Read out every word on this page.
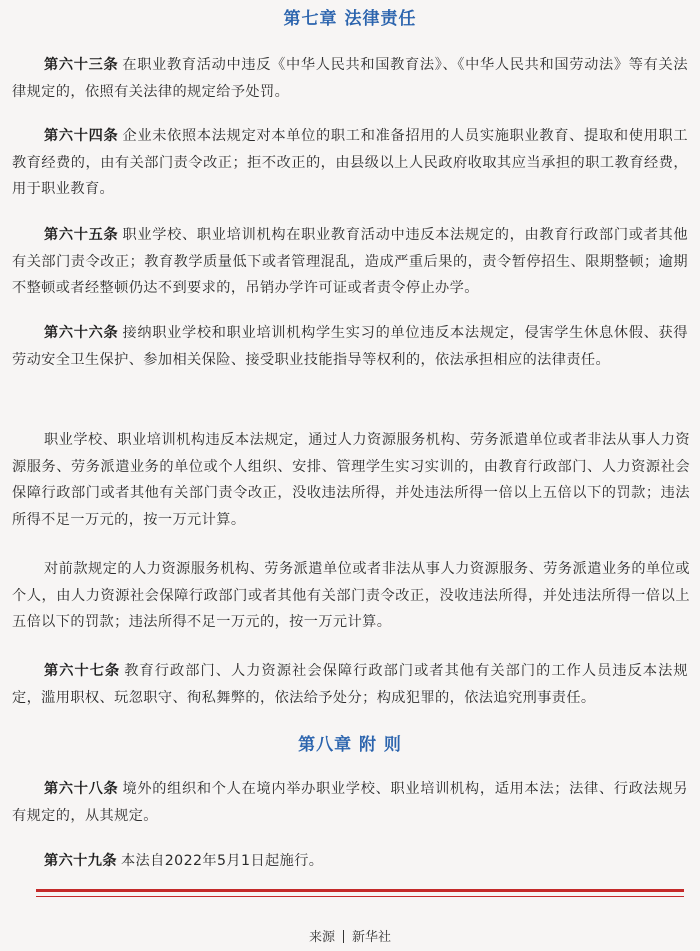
第七章 法律责任

第六十三条 在职业教育活动中违反《中华人民共和国教育法》、《中华人民共和国劳动法》等有关法律规定的，依照有关法律的规定给予处罚。

第六十四条 企业未依照本法规定对本单位的职工和准备招用的人员实施职业教育、提取和使用职工教育经费的，由有关部门责令改正；拒不改正的，由县级以上人民政府收取其应当承担的职工教育经费，用于职业教育。

第六十五条 职业学校、职业培训机构在职业教育活动中违反本法规定的，由教育行政部门或者其他有关部门责令改正；教育教学质量低下或者管理混乱，造成严重后果的，责令暂停招生、限期整顿；逾期不整顿或者经整顿仍达不到要求的，吊销办学许可证或者责令停止办学。

第六十六条 接纳职业学校和职业培训机构学生实习的单位违反本法规定，侵害学生休息休假、获得劳动安全卫生保护、参加相关保险、接受职业技能指导等权利的，依法承担相应的法律责任。

职业学校、职业培训机构违反本法规定，通过人力资源服务机构、劳务派遣单位或者非法从事人力资源服务、劳务派遣业务的单位或个人组织、安排、管理学生实习实训的，由教育行政部门、人力资源社会保障行政部门或者其他有关部门责令改正，没收违法所得，并处违法所得一倍以上五倍以下的罚款；违法所得不足一万元的，按一万元计算。

对前款规定的人力资源服务机构、劳务派遣单位或者非法从事人力资源服务、劳务派遣业务的单位或个人，由人力资源社会保障行政部门或者其他有关部门责令改正，没收违法所得，并处违法所得一倍以上五倍以下的罚款；违法所得不足一万元的，按一万元计算。

第六十七条 教育行政部门、人力资源社会保障行政部门或者其他有关部门的工作人员违反本法规定，滥用职权、玩忽职守、徇私舞弊的，依法给予处分；构成犯罪的，依法追究刑事责任。

第八章 附 则

第六十八条 境外的组织和个人在境内举办职业学校、职业培训机构，适用本法；法律、行政法规另有规定的，从其规定。

第六十九条 本法自2022年5月1日起施行。

来源 新华社
